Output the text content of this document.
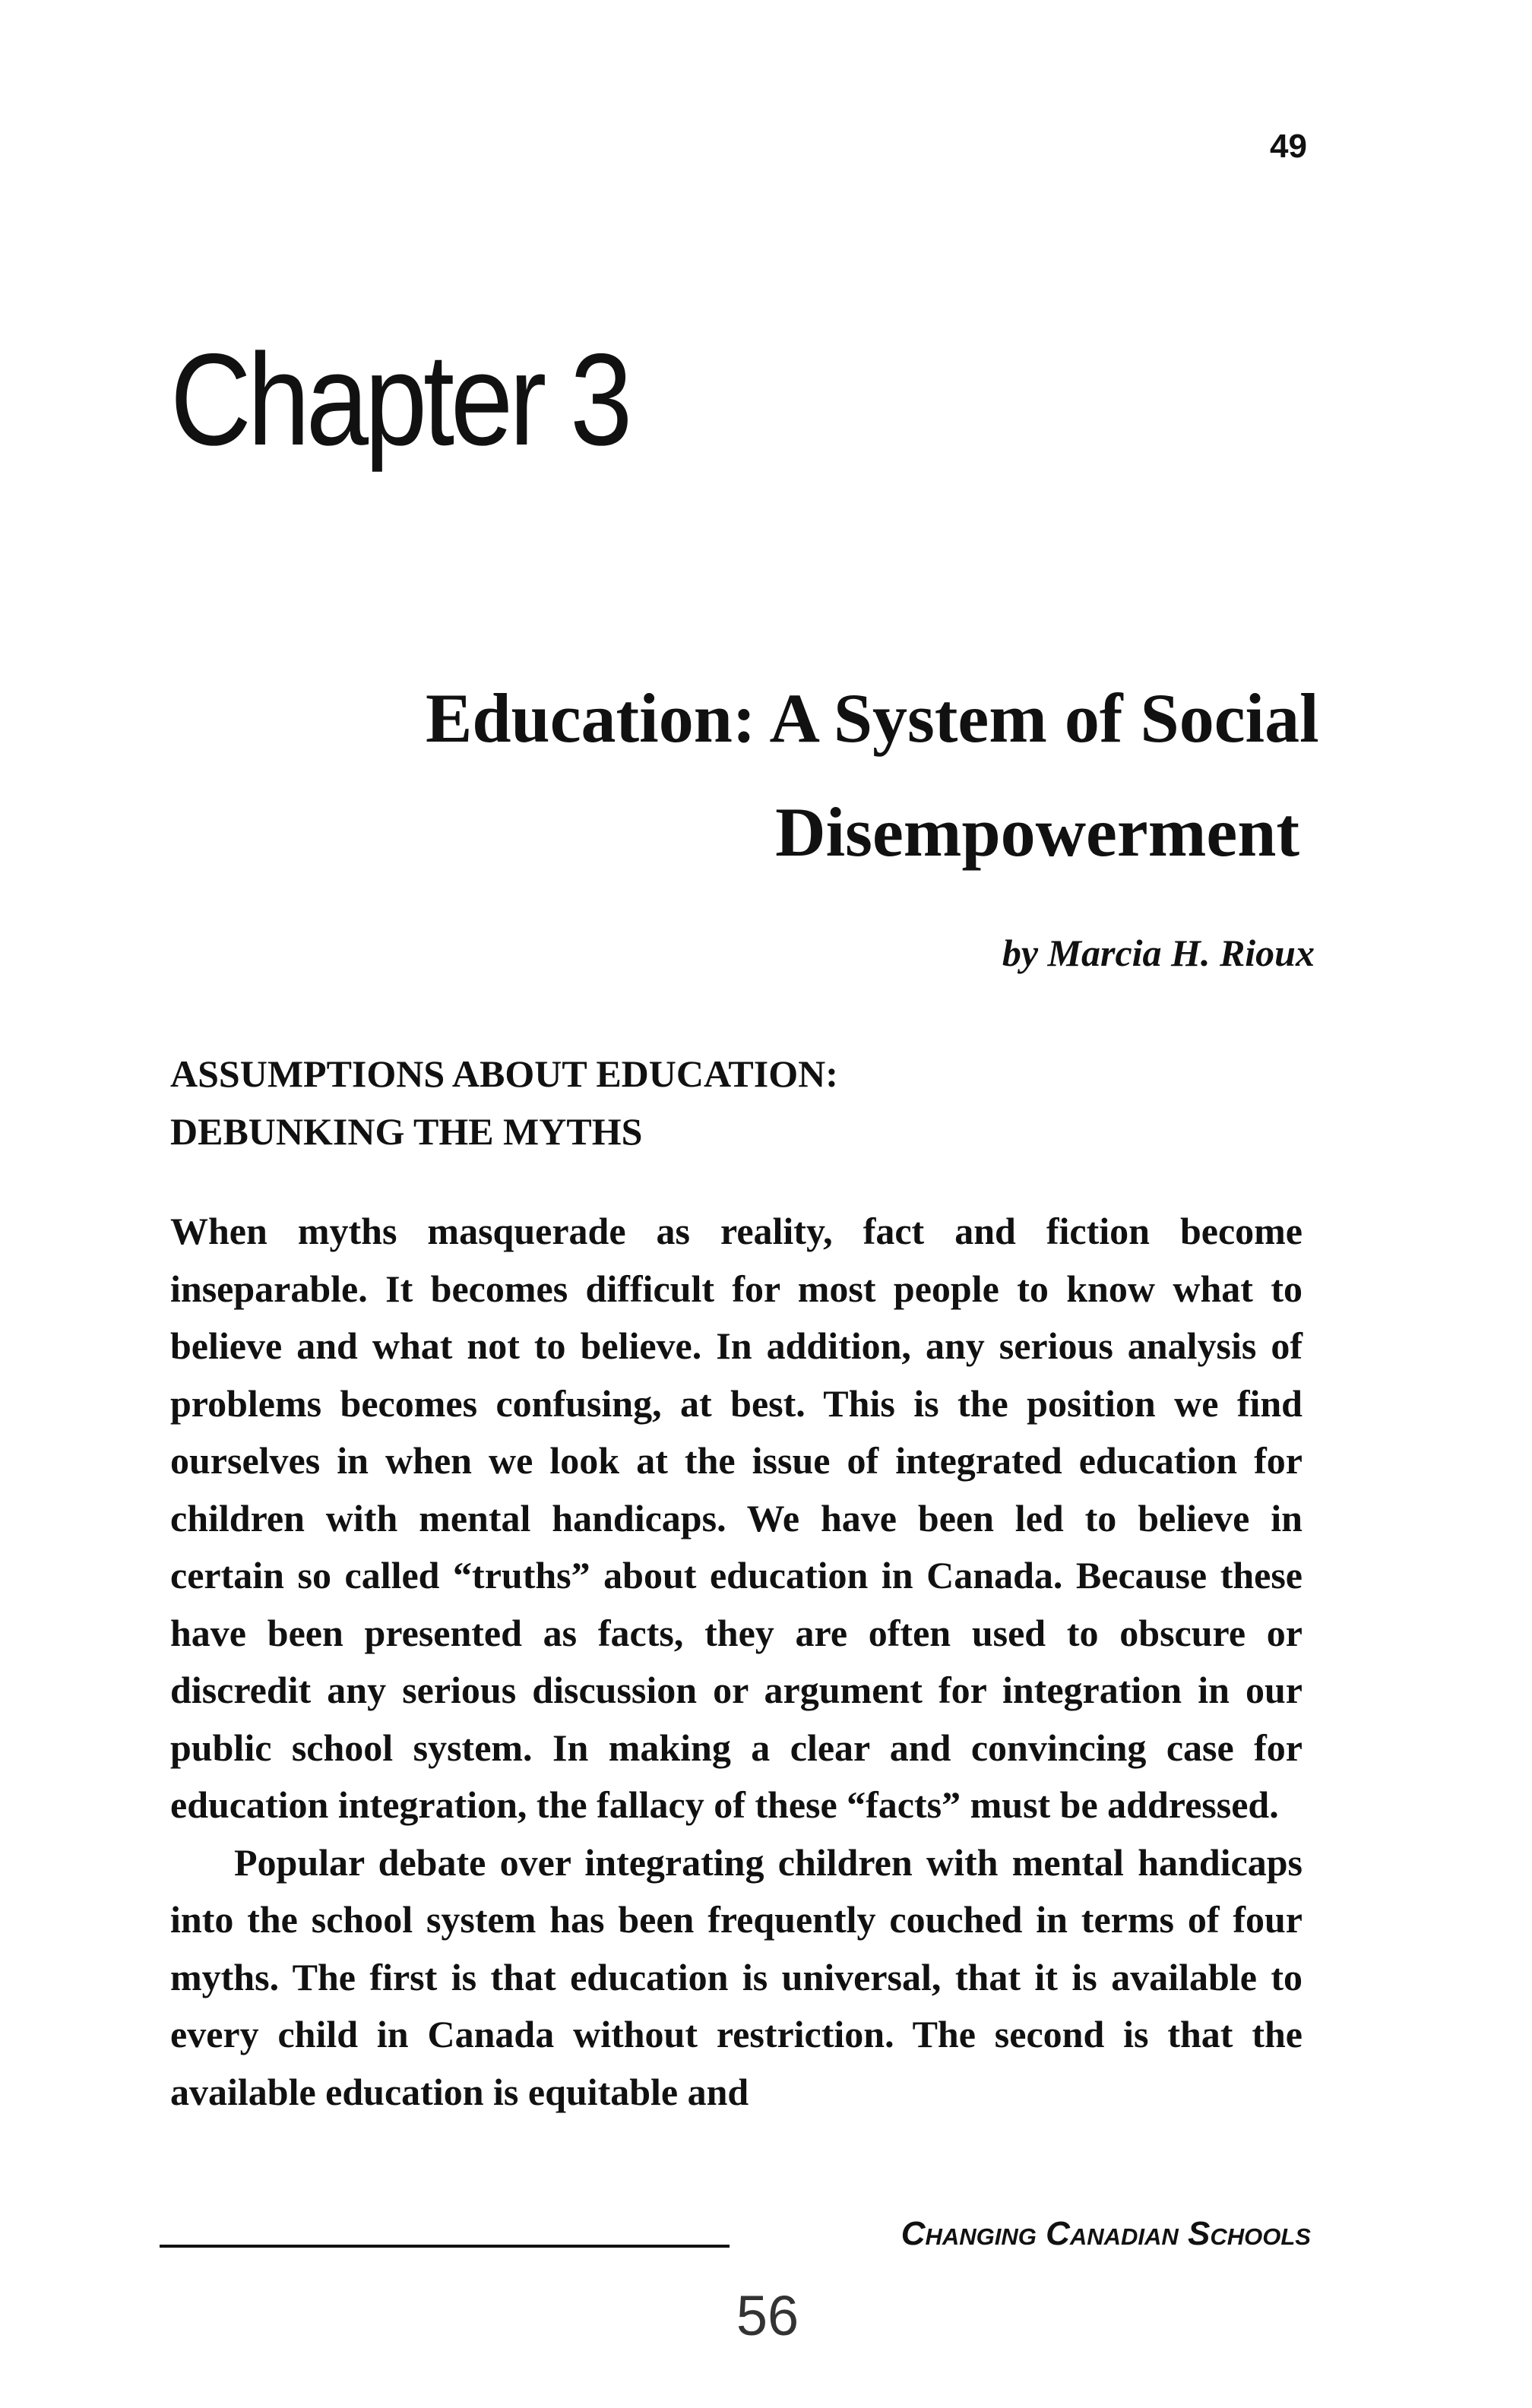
49
Chapter 3
Education: A System of Social
Disempowerment
by Marcia H. Rioux
ASSUMPTIONS ABOUT EDUCATION:
DEBUNKING THE MYTHS

When myths masquerade as reality, fact and fiction become inseparable. It becomes difficult for most people to know what to believe and what not to believe. In addition, any serious analysis of problems becomes confusing, at best. This is the position we find ourselves in when we look at the issue of integrated education for children with mental handicaps. We have been led to believe in certain so called “truths” about education in Canada. Because these have been presented as facts, they are often used to obscure or discredit any serious discussion or argument for integration in our public school system. In making a clear and convincing case for education integration, the fallacy of these “facts” must be addressed.

Popular debate over integrating children with mental handicaps into the school system has been frequently couched in terms of four myths. The first is that education is universal, that it is available to every child in Canada without restriction. The second is that the available education is equitable and

Changing Canadian Schools
56
